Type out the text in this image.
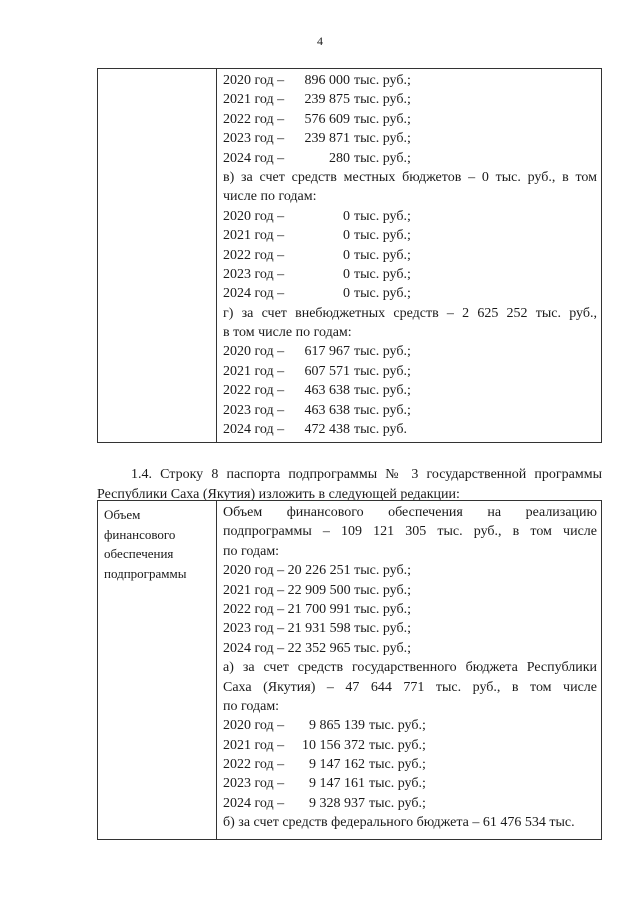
4

2020 год – 896 000 тыс. руб.;
2021 год – 239 875 тыс. руб.;
2022 год – 576 609 тыс. руб.;
2023 год – 239 871 тыс. руб.;
2024 год –	280 тыс. руб.;
в) за счет средств местных бюджетов – 0 тыс. руб., в том
числе по годам:
2020 год –	0 тыс. руб.;
2021 год –	0 тыс. руб.;
2022 год –	0 тыс. руб.;
2023 год –	0 тыс. руб.;
2024 год –	0 тыс. руб.;
г) за счет внебюджетных средств – 2 625 252 тыс. руб.,
в том числе по годам:
2020 год – 617 967 тыс. руб.;
2021 год – 607 571 тыс. руб.;
2022 год – 463 638 тыс. руб.;
2023 год – 463 638 тыс. руб.;
2024 год – 472 438 тыс. руб.
1.4. Строку 8 паспорта подпрограммы № 3 государственной программы
Республики Саха (Якутия) изложить в следующей редакции:
Объем
финансового
обеспечения
подпрограммы

Объем финансового обеспечения на реализацию
подпрограммы – 109 121 305 тыс. руб., в том числе
по годам:
2020 год – 20 226 251 тыс. руб.;
2021 год – 22 909 500 тыс. руб.;
2022 год – 21 700 991 тыс. руб.;
2023 год – 21 931 598 тыс. руб.;
2024 год – 22 352 965 тыс. руб.;
а) за счет средств государственного бюджета Республики
Саха (Якутия) – 47 644 771 тыс. руб., в том числе
по годам:
2020 год – 9 865 139 тыс. руб.;
2021 год – 10 156 372 тыс. руб.;
2022 год – 9 147 162 тыс. руб.;
2023 год – 9 147 161 тыс. руб.;
2024 год – 9 328 937 тыс. руб.;
б) за счет средств федерального бюджета – 61 476 534 тыс.
